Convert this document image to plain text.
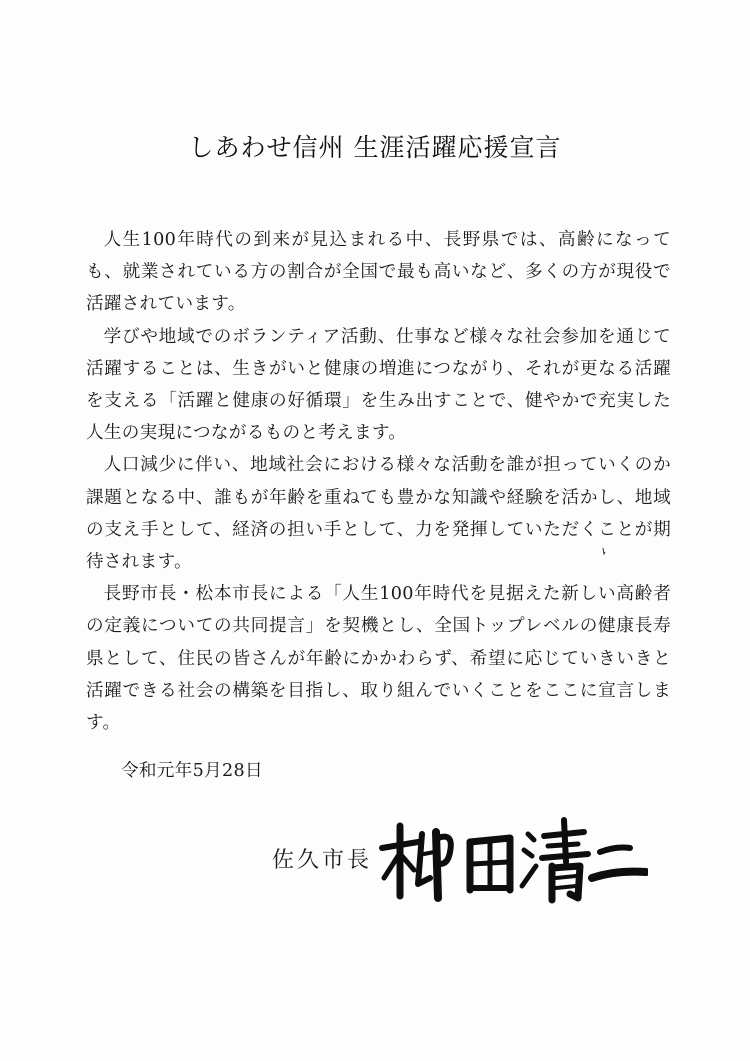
しあわせ信州 生涯活躍応援宣言

人生100年時代の到来が見込まれる中、長野県では、高齢になっても、就業されている方の割合が全国で最も高いなど、多くの方が現役で活躍されています。

学びや地域でのボランティア活動、仕事など様々な社会参加を通じて活躍することは、生きがいと健康の増進につながり、それが更なる活躍を支える「活躍と健康の好循環」を生み出すことで、健やかで充実した人生の実現につながるものと考えます。

人口減少に伴い、地域社会における様々な活動を誰が担っていくのか課題となる中、誰もが年齢を重ねても豊かな知識や経験を活かし、地域の支え手として、経済の担い手として、力を発揮していただくことが期待されます。

長野市長・松本市長による「人生100年時代を見据えた新しい高齢者の定義についての共同提言」を契機とし、全国トップレベルの健康長寿県として、住民の皆さんが年齢にかかわらず、希望に応じていきいきと活躍できる社会の構築を目指し、取り組んでいくことをここに宣言します。

令和元年5月28日
佐久市長
